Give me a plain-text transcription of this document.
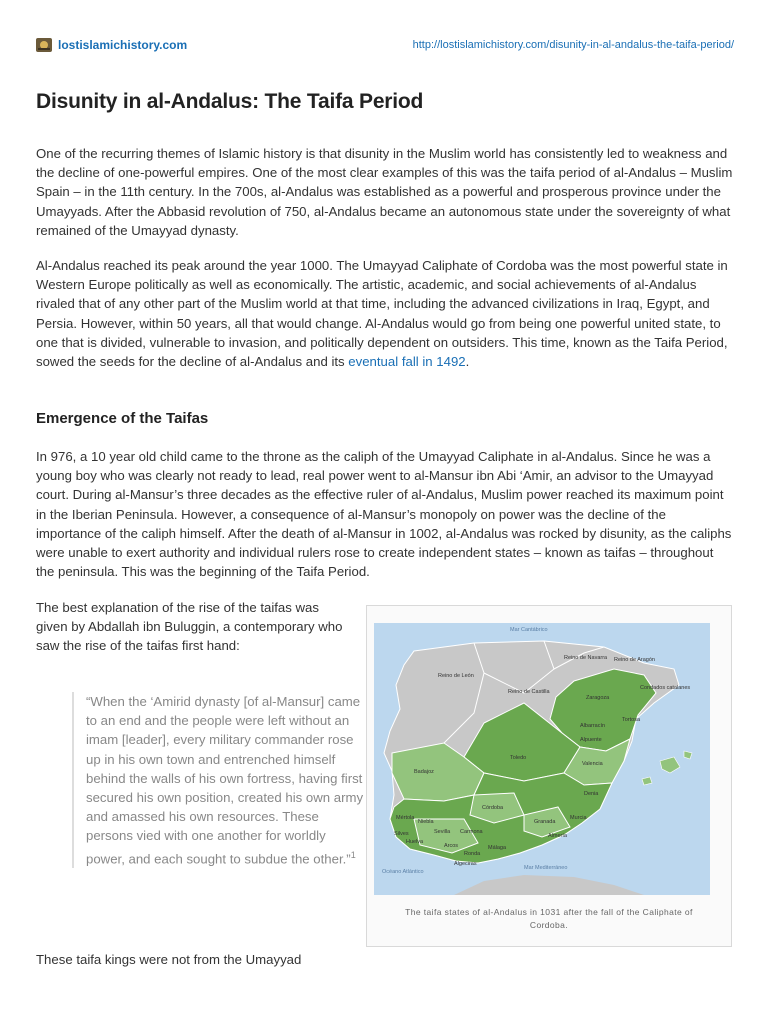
lostislamichistory.com	http://lostislamichistory.com/disunity-in-al-andalus-the-taifa-period/
Disunity in al-Andalus: The Taifa Period

One of the recurring themes of Islamic history is that disunity in the Muslim world has consistently led to weakness and the decline of one-powerful empires. One of the most clear examples of this was the taifa period of al-Andalus – Muslim Spain – in the 11th century. In the 700s, al-Andalus was established as a powerful and prosperous province under the Umayyads. After the Abbasid revolution of 750, al-Andalus became an autonomous state under the sovereignty of what remained of the Umayyad dynasty.

Al-Andalus reached its peak around the year 1000. The Umayyad Caliphate of Cordoba was the most powerful state in Western Europe politically as well as economically. The artistic, academic, and social achievements of al-Andalus rivaled that of any other part of the Muslim world at that time, including the advanced civilizations in Iraq, Egypt, and Persia. However, within 50 years, all that would change. Al-Andalus would go from being one powerful united state, to one that is divided, vulnerable to invasion, and politically dependent on outsiders. This time, known as the Taifa Period, sowed the seeds for the decline of al-Andalus and its eventual fall in 1492.

Emergence of the Taifas

In 976, a 10 year old child came to the throne as the caliph of the Umayyad Caliphate in al-Andalus. Since he was a young boy who was clearly not ready to lead, real power went to al-Mansur ibn Abi ‘Amir, an advisor to the Umayyad court. During al-Mansur’s three decades as the effective ruler of al-Andalus, Muslim power reached its maximum point in the Iberian Peninsula. However, a consequence of al-Mansur’s monopoly on power was the decline of the importance of the caliph himself. After the death of al-Mansur in 1002, al-Andalus was rocked by disunity, as the caliphs were unable to exert authority and individual rulers rose to create independent states – known as taifas – throughout the peninsula. This was the beginning of the Taifa Period.

The best explanation of the rise of the taifas was given by Abdallah ibn Buluggin, a contemporary who saw the rise of the taifas first hand:

“When the ‘Amirid dynasty [of al-Mansur] came to an end and the people were left without an imam [leader], every military commander rose up in his own town and entrenched himself behind the walls of his own fortress, having first secured his own position, created his own army and amassed his own resources. These persons vied with one another for worldly power, and each sought to subdue the other.”$^1$

These taifa kings were not from the Umayyad

Mar Cantábrico
Reino de Navarra Reino de Aragón
Reino de León
Reino de Castilla
Condados catalanes
Zaragoza
Tortosa
Albarracín
Alpuente
Valencia
Badajoz
Toledo
Denia
Córdoba
Granada
Murcia
Almería
Sevilla Carmona
Málaga
Silves
Huelva
Niebla
Mértola
Ronda
Arcos
Algeciras
Océano Atlántico
Mar Mediterráneo
The taifa states of al-Andalus in 1031 after the fall of the Caliphate of Cordoba.
